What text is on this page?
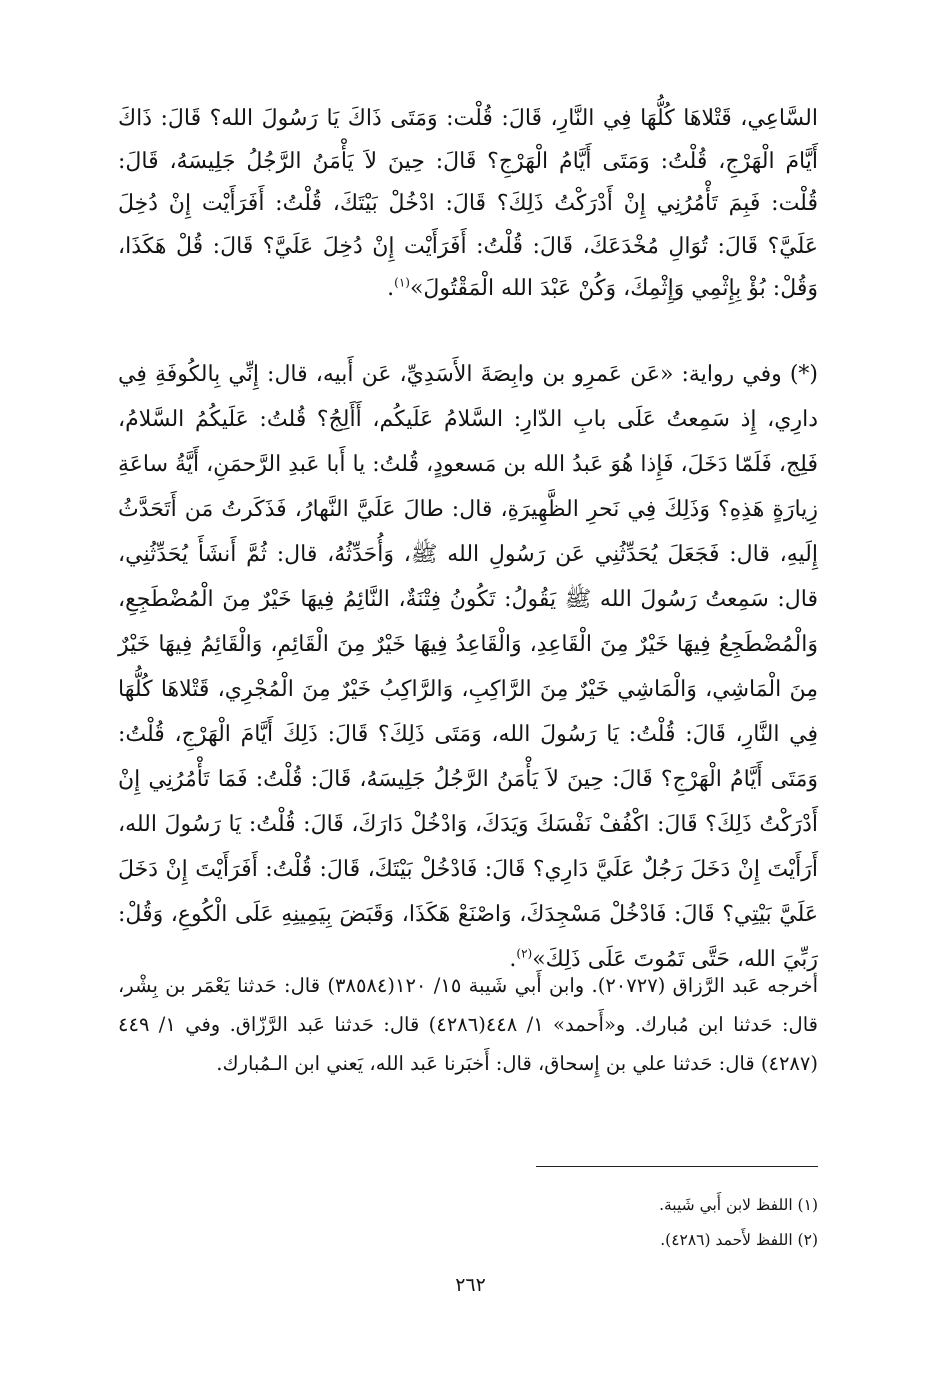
السَّاعِي، قَتْلاهَا كُلُّهَا فِي النَّارِ، قَالَ: قُلْت: وَمَتَى ذَاكَ يَا رَسُولَ الله؟ قَالَ: ذَاكَ أَيَّامَ الْهَرْجِ، قُلْتُ: وَمَتَى أَيَّامُ الْهَرْجِ؟ قَالَ: حِينَ لاَ يَأْمَنُ الرَّجُلُ جَلِيسَهُ، قَالَ: قُلْت: فَبِمَ تَأْمُرُنِي إِنْ أَدْرَكْتُ ذَلِكَ؟ قَالَ: ادْخُلْ بَيْتَكَ، قُلْتُ: أَفَرَأَيْت إِنْ دُخِلَ عَلَيَّ؟ قَالَ: تُوَالِ مُخْدَعَكَ، قَالَ: قُلْتُ: أَفَرَأَيْت إِنْ دُخِلَ عَلَيَّ؟ قَالَ: قُلْ هَكَذَا، وَقُلْ: بُؤْ بِإِثْمِي وَإِثْمِكَ، وَكُنْ عَبْدَ الله الْمَقْتُولَ»$^{(١)}$.

(*) وفي رواية: «عَن عَمرِو بن وابِصَةَ الأَسَدِيِّ، عَن أَبيه، قال: إِنِّي بِالكُوفَةِ فِي دارِي، إِذ سَمِعتُ عَلَى بابِ الدّارِ: السَّلامُ عَلَيكُم، أَأَلِجُ؟ قُلتُ: عَلَيكُمُ السَّلامُ، فَلِج، فَلَمّا دَخَلَ، فَإِذا هُوَ عَبدُ الله بن مَسعودٍ، قُلتُ: يا أَبا عَبدِ الرَّحمَنِ، أَيَّةُ ساعَةِ زِيارَةٍ هَذِهِ؟ وَذَلِكَ فِي نَحرِ الظَّهِيرَةِ، قال: طالَ عَلَيَّ النَّهارُ، فَذَكَرتُ مَن أَتَحَدَّثُ إِلَيهِ، قال: فَجَعَلَ يُحَدِّثُنِي عَن رَسُولِ الله ﷺ، وَأُحَدِّثُهُ، قال: ثُمَّ أَنشَأَ يُحَدِّثُنِي، قال: سَمِعتُ رَسُولَ الله ﷺ يَقُولُ: تَكُونُ فِتْنَةٌ، النَّائِمُ فِيهَا خَيْرٌ مِنَ الْمُضْطَجِعِ، وَالْمُضْطَجِعُ فِيهَا خَيْرٌ مِنَ الْقَاعِدِ، وَالْقَاعِدُ فِيهَا خَيْرٌ مِنَ الْقَائِمِ، وَالْقَائِمُ فِيهَا خَيْرٌ مِنَ الْمَاشِي، وَالْمَاشِي خَيْرٌ مِنَ الرَّاكِبِ، وَالرَّاكِبُ خَيْرٌ مِنَ الْمُجْرِي، قَتْلاهَا كُلُّهَا فِي النَّارِ، قَالَ: قُلْتُ: يَا رَسُولَ الله، وَمَتَى ذَلِكَ؟ قَالَ: ذَلِكَ أَيَّامَ الْهَرْجِ، قُلْتُ: وَمَتَى أَيَّامُ الْهَرْجِ؟ قَالَ: حِينَ لاَ يَأْمَنُ الرَّجُلُ جَلِيسَهُ، قَالَ: قُلْتُ: فَمَا تَأْمُرُنِي إِنْ أَدْرَكْتُ ذَلِكَ؟ قَالَ: اكْفُفْ نَفْسَكَ وَيَدَكَ، وَادْخُلْ دَارَكَ، قَالَ: قُلْتُ: يَا رَسُولَ الله، أَرَأَيْتَ إِنْ دَخَلَ رَجُلٌ عَلَيَّ دَارِي؟ قَالَ: فَادْخُلْ بَيْتَكَ، قَالَ: قُلْتُ: أَفَرَأَيْتَ إِنْ دَخَلَ عَلَيَّ بَيْتِي؟ قَالَ: فَادْخُلْ مَسْجِدَكَ، وَاصْنَعْ هَكَذَا، وَقَبَضَ بِيَمِينِهِ عَلَى الْكُوعِ، وَقُلْ: رَبِّيَ الله، حَتَّى تَمُوتَ عَلَى ذَلِكَ»$^{(٢)}$.

أخرجه عَبد الرَّزاق (٢٠٧٢٧). وابن أَبي شَيبة ١٥/ ١٢٠(٣٨٥٨٤) قال: حَدثنا يَعْمَر بن بِشْر، قال: حَدثنا ابن مُبارك. و«أَحمد» ١/ ٤٤٨(٤٢٨٦) قال: حَدثنا عَبد الرَّزّاق. وفي ١/ ٤٤٩ (٤٢٨٧) قال: حَدثنا علي بن إِسحاق، قال: أَخبَرنا عَبد الله، يَعني ابن الـمُبارك.

(١) اللفظ لابن أَبي شَيبة.
(٢) اللفظ لأَحمد (٤٢٨٦).
٢٦٢
